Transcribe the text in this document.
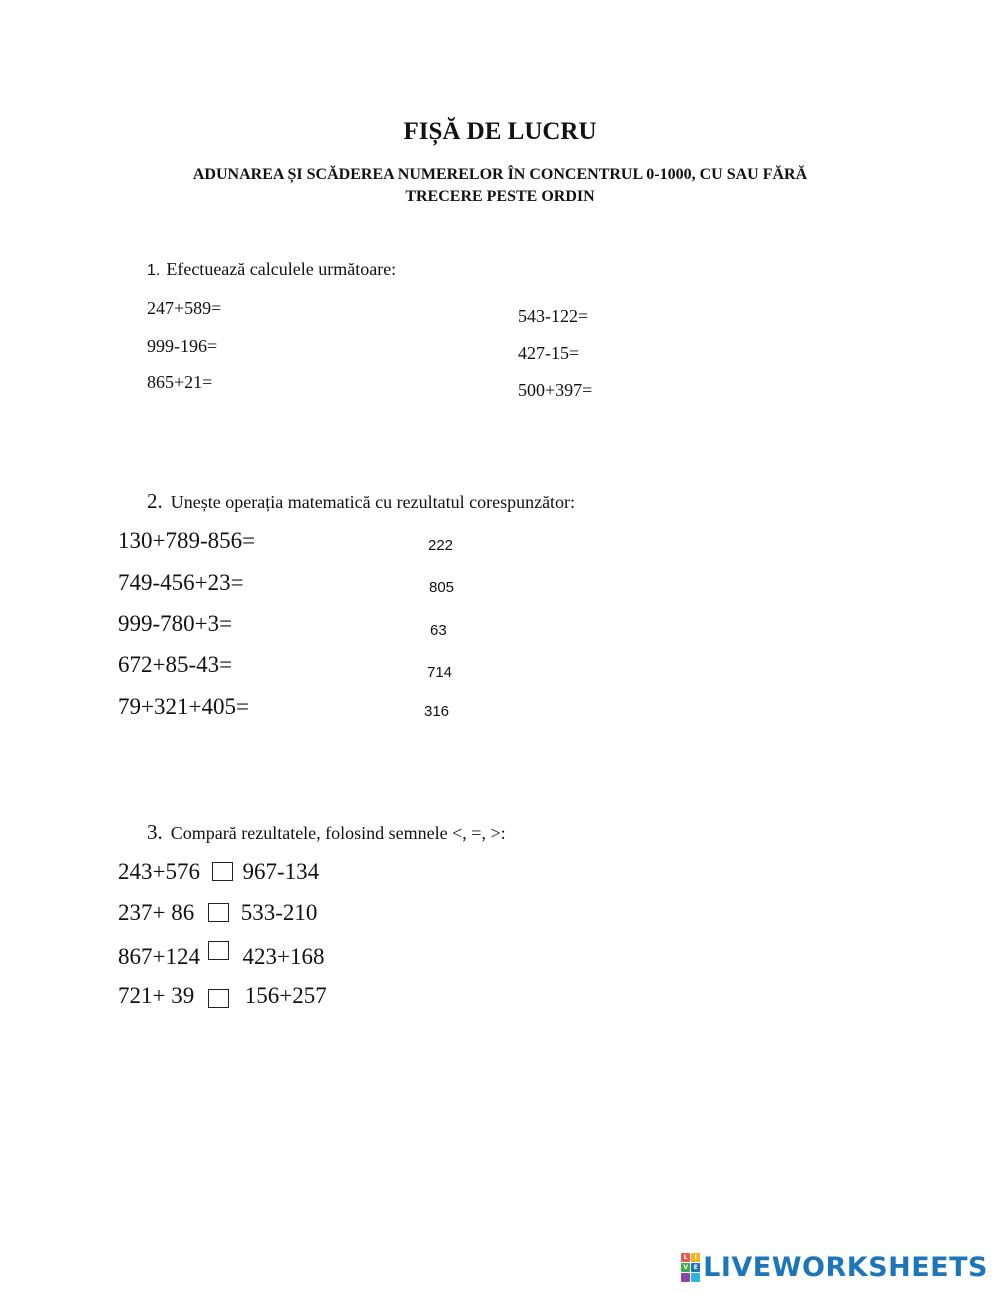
FIȘĂ DE LUCRU
ADUNAREA ȘI SCĂDEREA NUMERELOR ÎN CONCENTRUL 0-1000, CU SAU FĂRĂ
TRECERE PESTE ORDIN
1. Efectuează calculele următoare:
247+589=
999-196=
865+21=
543-122=
427-15=
500+397=
2. Unește operația matematică cu rezultatul corespunzător:
130+789-856=
749-456+23=
999-780+3=
672+85-43=
79+321+405=
222
805
63
714
316
3. Compară rezultatele, folosind semnele <, =, >:
243+576 967-134
237+ 86 533-210
867+124 423+168
721+ 39 156+257
L	I
V E LIVEWORKSHEETS
